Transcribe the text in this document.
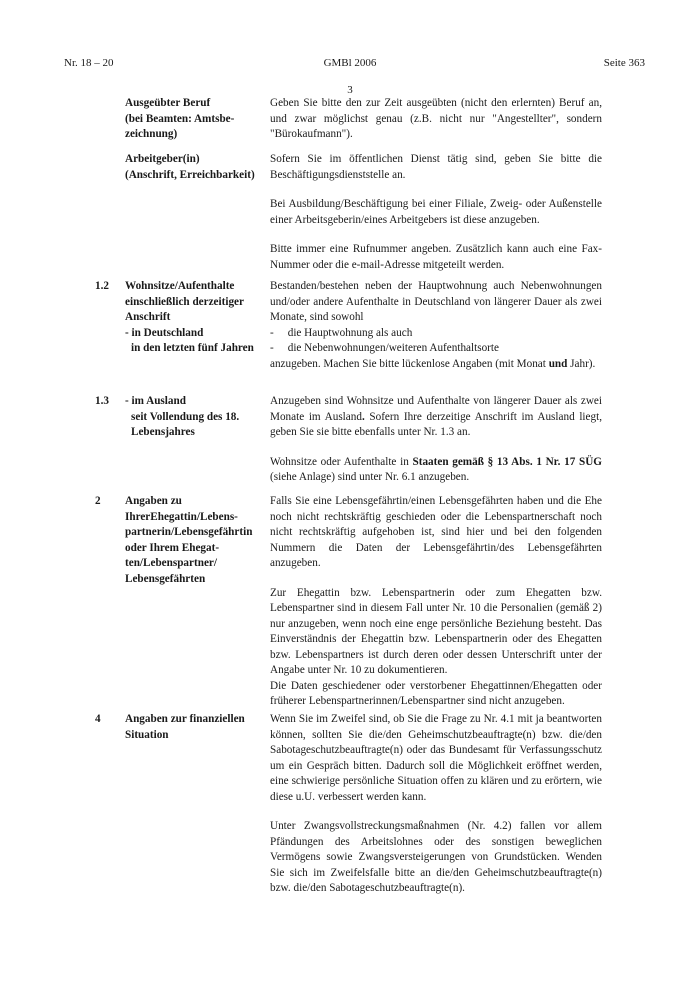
Nr. 18 – 20	GMBl 2006	Seite 363
3
Ausgeübter Beruf
(bei Beamten: Amtsbe-
zeichnung)

Geben Sie bitte den zur Zeit ausgeübten (nicht den erlernten) Beruf an, und zwar möglichst genau (z.B. nicht nur "Angestellter", sondern "Bürokaufmann").

Arbeitgeber(in)
(Anschrift, Erreichbarkeit)

Sofern Sie im öffentlichen Dienst tätig sind, geben Sie bitte die Beschäftigungsdienststelle an.

Bei Ausbildung/Beschäftigung bei einer Filiale, Zweig- oder Außenstelle einer Arbeitsgeberin/eines Arbeitgebers ist diese anzugeben.

Bitte immer eine Rufnummer angeben. Zusätzlich kann auch eine Fax-Nummer oder die e-mail-Adresse mitgeteilt werden.

1.2 Wohnsitze/Aufenthalte
einschließlich derzeitiger
Anschrift
- in Deutschland
in den letzten fünf Jahren
Bestanden/bestehen neben der Hauptwohnung auch Nebenwohnungen und/oder andere Aufenthalte in Deutschland von längerer Dauer als zwei Monate, sind sowohl
-     die Hauptwohnung als auch
-     die Nebenwohnungen/weiteren Aufenthaltsorte
anzugeben. Machen Sie bitte lückenlose Angaben (mit Monat und Jahr).
1.3 - im Ausland
seit Vollendung des 18.
Lebensjahres

Anzugeben sind Wohnsitze und Aufenthalte von längerer Dauer als zwei Monate im Ausland. Sofern Ihre derzeitige Anschrift im Ausland liegt, geben Sie sie bitte ebenfalls unter Nr. 1.3 an.

Wohnsitze oder Aufenthalte in Staaten gemäß § 13 Abs. 1 Nr. 17 SÜG (siehe Anlage) sind unter Nr. 6.1 anzugeben.

2 Angaben zu
IhrerEhegattin/Lebens-
partnerin/Lebensgefährtin
oder Ihrem Ehegat-
ten/Lebenspartner/
Lebensgefährten

Falls Sie eine Lebensgefährtin/einen Lebensgefährten haben und die Ehe noch nicht rechtskräftig geschieden oder die Lebenspartnerschaft noch nicht rechtskräftig aufgehoben ist, sind hier und bei den folgenden Nummern die Daten der Lebensgefährtin/des Lebensgefährten anzugeben.

Zur Ehegattin bzw. Lebenspartnerin oder zum Ehegatten bzw. Lebenspartner sind in diesem Fall unter Nr. 10 die Personalien (gemäß 2) nur anzugeben, wenn noch eine enge persönliche Beziehung besteht. Das Einverständnis der Ehegattin bzw. Lebenspartnerin oder des Ehegatten bzw. Lebenspartners ist durch deren oder dessen Unterschrift unter der Angabe unter Nr. 10 zu dokumentieren.

Die Daten geschiedener oder verstorbener Ehegattinnen/Ehegatten oder früherer Lebenspartnerinnen/Lebenspartner sind nicht anzugeben.

4 Angaben zur finanziellen
Situation

Wenn Sie im Zweifel sind, ob Sie die Frage zu Nr. 4.1 mit ja beantworten können, sollten Sie die/den Geheimschutzbeauftragte(n) bzw. die/den Sabotageschutzbeauftragte(n) oder das Bundesamt für Verfassungsschutz um ein Gespräch bitten. Dadurch soll die Möglichkeit eröffnet werden, eine schwierige persönliche Situation offen zu klären und zu erörtern, wie diese u.U. verbessert werden kann.

Unter Zwangsvollstreckungsmaßnahmen (Nr. 4.2) fallen vor allem Pfändungen des Arbeitslohnes oder des sonstigen beweglichen Vermögens sowie Zwangsversteigerungen von Grundstücken. Wenden Sie sich im Zweifelsfalle bitte an die/den Geheimschutzbeauftragte(n) bzw. die/den Sabotageschutzbeauftragte(n).
